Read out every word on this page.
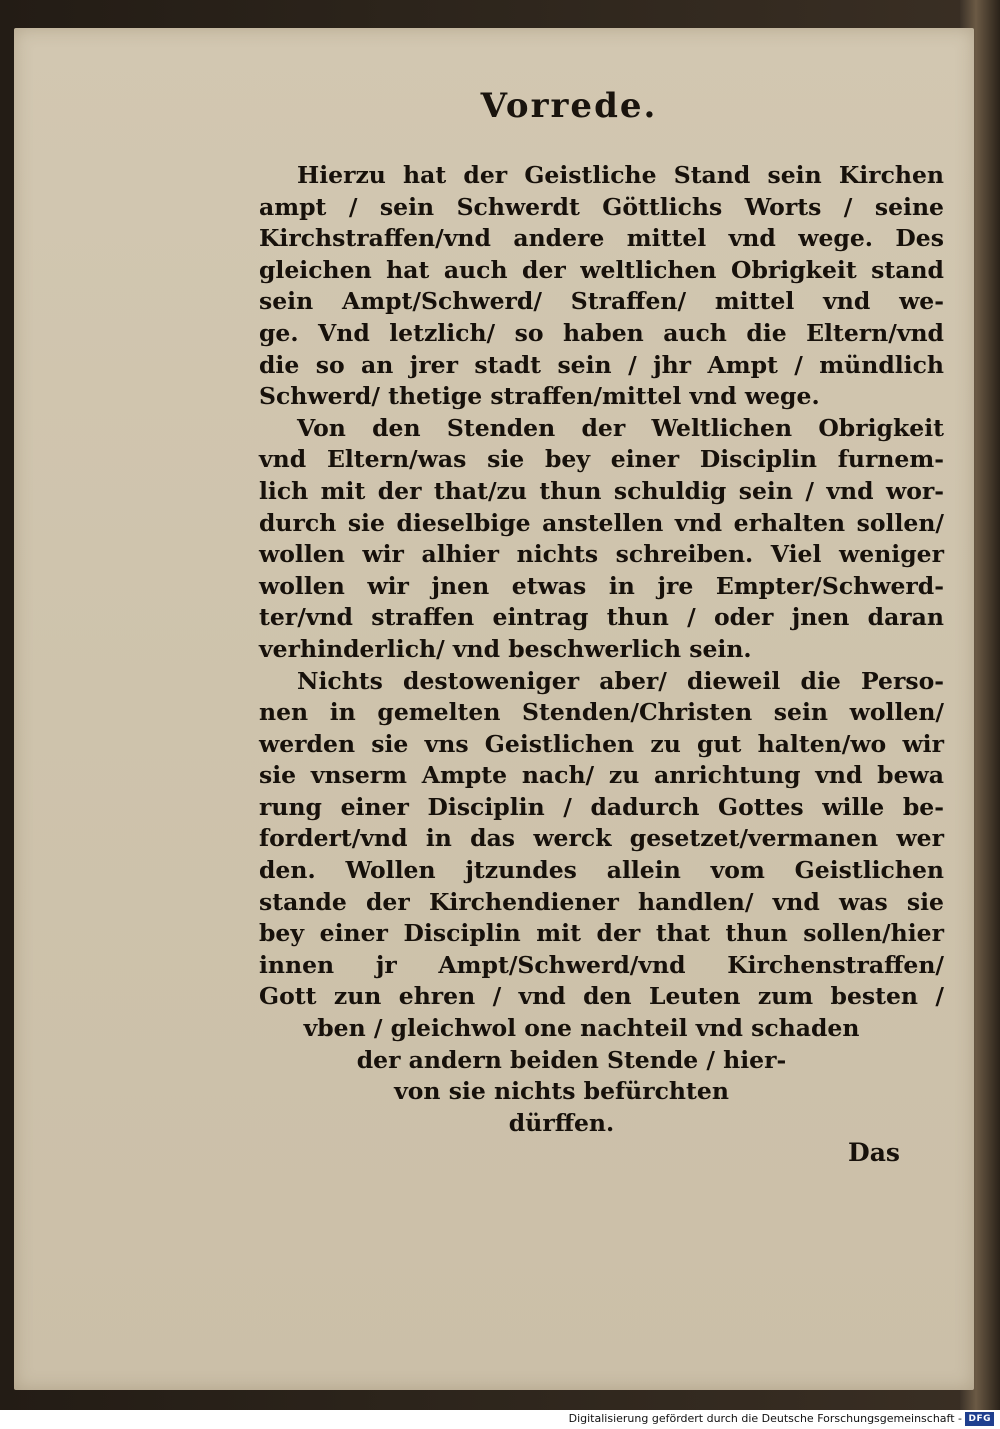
Vorrede.
Hierzu hat der Geistliche Stand sein Kirchen
ampt / sein Schwerdt Göttlichs Worts / seine
Kirchstraffen/vnd andere mittel vnd wege. Des
gleichen hat auch der weltlichen Obrigkeit stand
sein Ampt/Schwerd/ Straffen/ mittel vnd we-
ge. Vnd letzlich/ so haben auch die Eltern/vnd
die so an jrer stadt sein / jhr Ampt / mündlich
Schwerd/ thetige straffen/mittel vnd wege.
Von den Stenden der Weltlichen Obrigkeit
vnd Eltern/was sie bey einer Disciplin furnem-
lich mit der that/zu thun schuldig sein / vnd wor-
durch sie dieselbige anstellen vnd erhalten sollen/
wollen wir alhier nichts schreiben. Viel weniger
wollen wir jnen etwas in jre Empter/Schwerd-
ter/vnd straffen eintrag thun / oder jnen daran
verhinderlich/ vnd beschwerlich sein.
Nichts destoweniger aber/ dieweil die Perso-
nen in gemelten Stenden/Christen sein wollen/
werden sie vns Geistlichen zu gut halten/wo wir
sie vnserm Ampte nach/ zu anrichtung vnd bewa
rung einer Disciplin / dadurch Gottes wille be-
fordert/vnd in das werck gesetzet/vermanen wer
den. Wollen jtzundes allein vom Geistlichen
stande der Kirchendiener handlen/ vnd was sie
bey einer Disciplin mit der that thun sollen/hier
innen jr Ampt/Schwerd/vnd Kirchenstraffen/
Gott zun ehren / vnd den Leuten zum besten /
vben / gleichwol one nachteil vnd schaden
der andern beiden Stende / hier-
von sie nichts befürchten
dürffen.
Das
Digitalisierung gefördert durch die Deutsche Forschungsgemeinschaft - DFG
